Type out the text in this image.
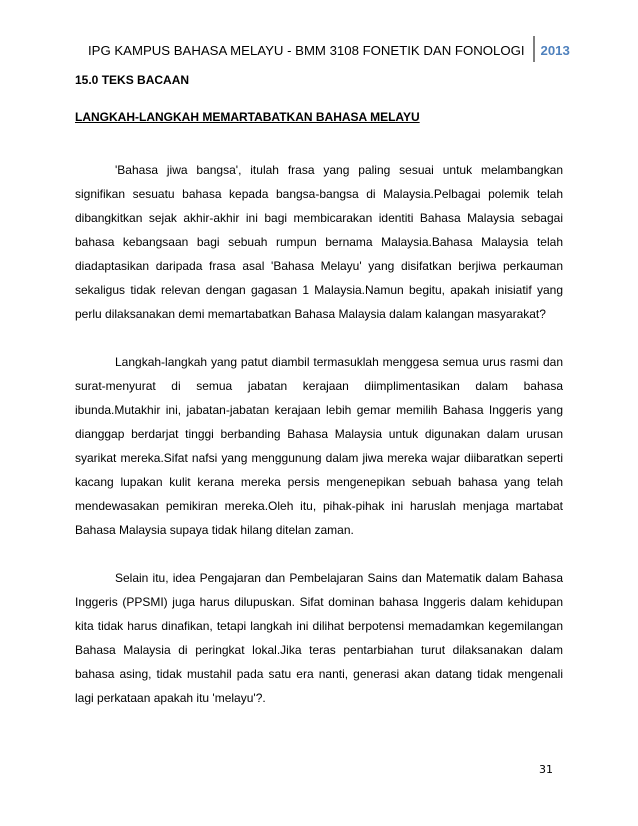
IPG KAMPUS BAHASA MELAYU - BMM 3108 FONETIK DAN FONOLOGI	2013
15.0 TEKS BACAAN
LANGKAH-LANGKAH MEMARTABATKAN BAHASA MELAYU

'Bahasa jiwa bangsa', itulah frasa yang paling sesuai untuk melambangkan signifikan sesuatu bahasa kepada bangsa-bangsa di Malaysia.Pelbagai polemik telah dibangkitkan sejak akhir-akhir ini bagi membicarakan identiti Bahasa Malaysia sebagai bahasa kebangsaan bagi sebuah rumpun bernama Malaysia.Bahasa Malaysia telah diadaptasikan daripada frasa asal 'Bahasa Melayu' yang disifatkan berjiwa perkauman sekaligus tidak relevan dengan gagasan 1 Malaysia.Namun begitu, apakah inisiatif yang perlu dilaksanakan demi memartabatkan Bahasa Malaysia dalam kalangan masyarakat?

Langkah-langkah yang patut diambil termasuklah menggesa semua urus rasmi dan surat-menyurat di semua jabatan kerajaan diimplimentasikan dalam bahasa ibunda.Mutakhir ini, jabatan-jabatan kerajaan lebih gemar memilih Bahasa Inggeris yang dianggap berdarjat tinggi berbanding Bahasa Malaysia untuk digunakan dalam urusan syarikat mereka.Sifat nafsi yang menggunung dalam jiwa mereka wajar diibaratkan seperti kacang lupakan kulit kerana mereka persis mengenepikan sebuah bahasa yang telah mendewasakan pemikiran mereka.Oleh itu, pihak-pihak ini haruslah menjaga martabat Bahasa Malaysia supaya tidak hilang ditelan zaman.

Selain itu, idea Pengajaran dan Pembelajaran Sains dan Matematik dalam Bahasa Inggeris (PPSMI) juga harus dilupuskan. Sifat dominan bahasa Inggeris dalam kehidupan kita tidak harus dinafikan, tetapi langkah ini dilihat berpotensi memadamkan kegemilangan Bahasa Malaysia di peringkat lokal.Jika teras pentarbiahan turut dilaksanakan dalam bahasa asing, tidak mustahil pada satu era nanti, generasi akan datang tidak mengenali lagi perkataan apakah itu 'melayu'?.

31
